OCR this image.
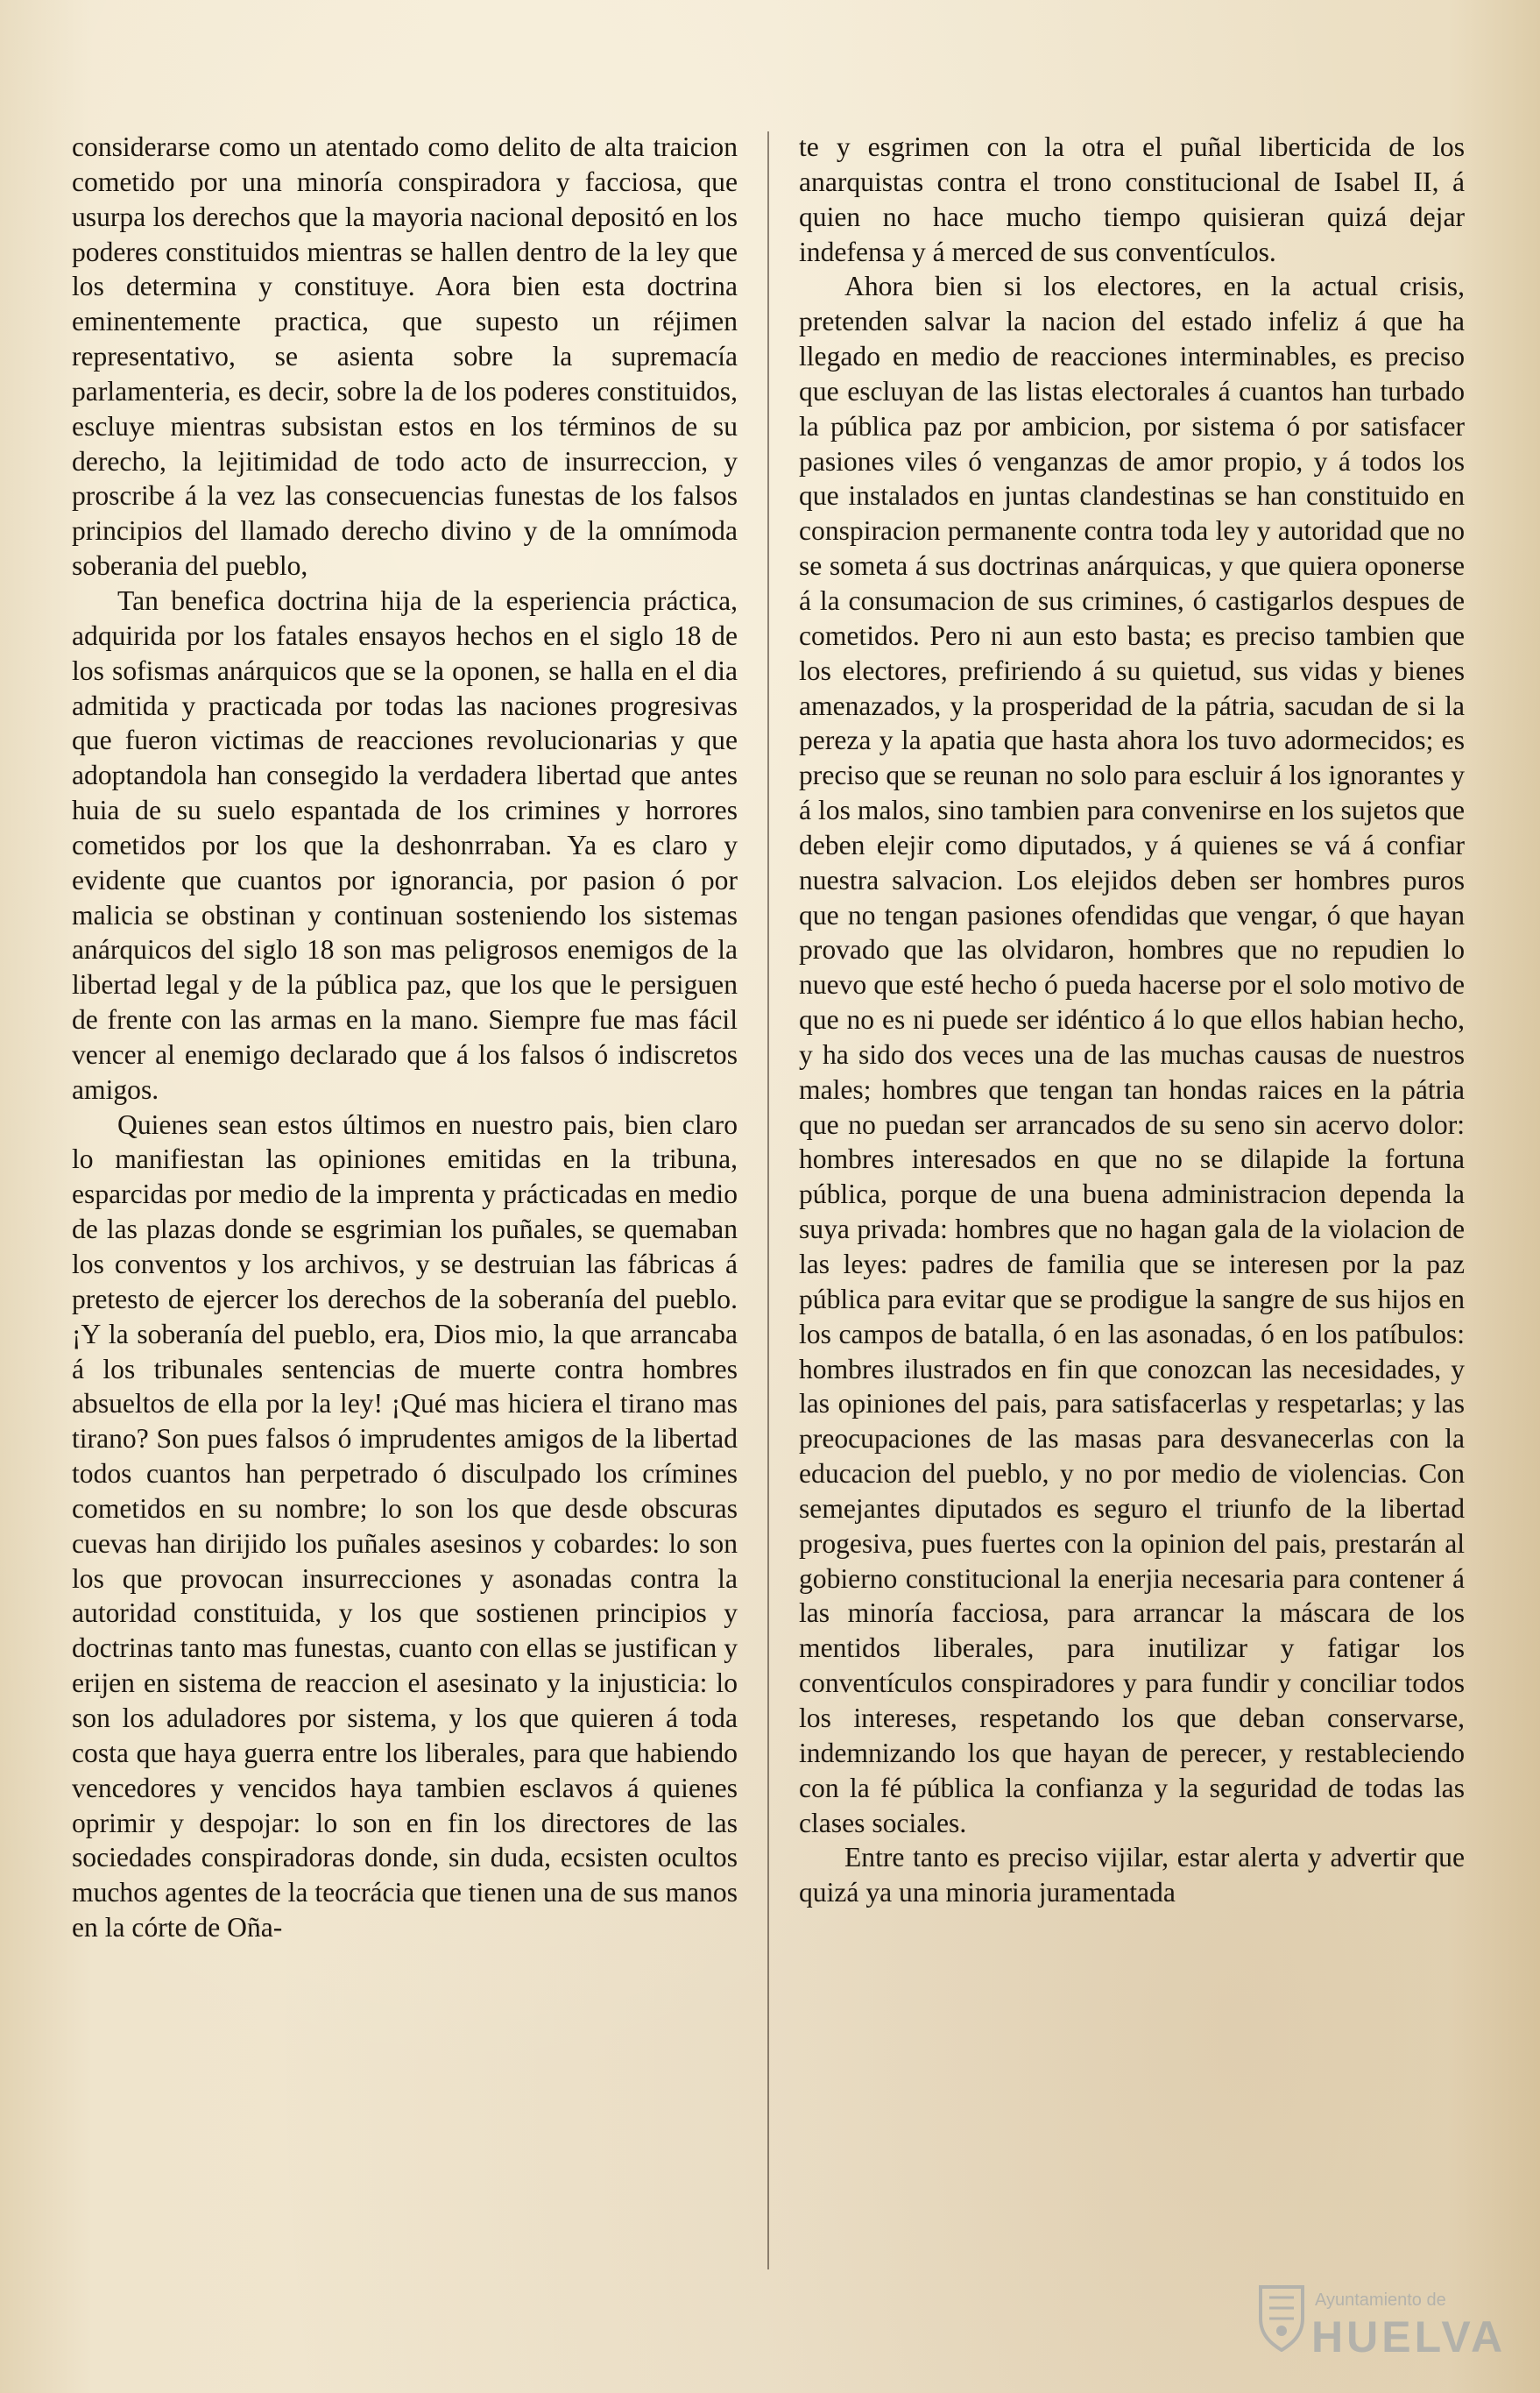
considerarse como un atentado como delito de alta traicion cometido por una minoría conspiradora y facciosa, que usurpa los derechos que la mayoria nacional depositó en los poderes constituidos mientras se hallen dentro de la ley que los determina y constituye. Aora bien esta doctrina eminentemente practica, que supesto un réjimen representativo, se asienta sobre la supremacía parlamenteria, es decir, sobre la de los poderes constituidos, escluye mientras subsistan estos en los términos de su derecho, la lejitimidad de todo acto de insurreccion, y proscribe á la vez las consecuencias funestas de los falsos principios del llamado derecho divino y de la omnímoda soberania del pueblo,

Tan benefica doctrina hija de la esperiencia práctica, adquirida por los fatales ensayos hechos en el siglo 18 de los sofismas anárquicos que se la oponen, se halla en el dia admitida y practicada por todas las naciones progresivas que fueron victimas de reacciones revolucionarias y que adoptandola han consegido la verdadera libertad que antes huia de su suelo espantada de los crimines y horrores cometidos por los que la deshonrraban. Ya es claro y evidente que cuantos por ignorancia, por pasion ó por malicia se obstinan y continuan sosteniendo los sistemas anárquicos del siglo 18 son mas peligrosos enemigos de la libertad legal y de la pública paz, que los que le persiguen de frente con las armas en la mano. Siempre fue mas fácil vencer al enemigo declarado que á los falsos ó indiscretos amigos.

Quienes sean estos últimos en nuestro pais, bien claro lo manifiestan las opiniones emitidas en la tribuna, esparcidas por medio de la imprenta y prácticadas en medio de las plazas donde se esgrimian los puñales, se quemaban los conventos y los archivos, y se destruian las fábricas á pretesto de ejercer los derechos de la soberanía del pueblo. ¡Y la soberanía del pueblo, era, Dios mio, la que arrancaba á los tribunales sentencias de muerte contra hombres absueltos de ella por la ley! ¡Qué mas hiciera el tirano mas tirano? Son pues falsos ó imprudentes amigos de la libertad todos cuantos han perpetrado ó disculpado los crímines cometidos en su nombre; lo son los que desde obscuras cuevas han dirijido los puñales asesinos y cobardes: lo son los que provocan insurrecciones y asonadas contra la autoridad constituida, y los que sostienen principios y doctrinas tanto mas funestas, cuanto con ellas se justifican y erijen en sistema de reaccion el asesinato y la injusticia: lo son los aduladores por sistema, y los que quieren á toda costa que haya guerra entre los liberales, para que habiendo vencedores y vencidos haya tambien esclavos á quienes oprimir y despojar: lo son en fin los directores de las sociedades conspiradoras donde, sin duda, ecsisten ocultos muchos agentes de la teocrácia que tienen una de sus manos en la córte de Oña-

te y esgrimen con la otra el puñal liberticida de los anarquistas contra el trono constitucional de Isabel II, á quien no hace mucho tiempo quisieran quizá dejar indefensa y á merced de sus conventículos.

Ahora bien si los electores, en la actual crisis, pretenden salvar la nacion del estado infeliz á que ha llegado en medio de reacciones interminables, es preciso que escluyan de las listas electorales á cuantos han turbado la pública paz por ambicion, por sistema ó por satisfacer pasiones viles ó venganzas de amor propio, y á todos los que instalados en juntas clandestinas se han constituido en conspiracion permanente contra toda ley y autoridad que no se someta á sus doctrinas anárquicas, y que quiera oponerse á la consumacion de sus crimines, ó castigarlos despues de cometidos. Pero ni aun esto basta; es preciso tambien que los electores, prefiriendo á su quietud, sus vidas y bienes amenazados, y la prosperidad de la pátria, sacudan de si la pereza y la apatia que hasta ahora los tuvo adormecidos; es preciso que se reunan no solo para escluir á los ignorantes y á los malos, sino tambien para convenirse en los sujetos que deben elejir como diputados, y á quienes se vá á confiar nuestra salvacion. Los elejidos deben ser hombres puros que no tengan pasiones ofendidas que vengar, ó que hayan provado que las olvidaron, hombres que no repudien lo nuevo que esté hecho ó pueda hacerse por el solo motivo de que no es ni puede ser idéntico á lo que ellos habian hecho, y ha sido dos veces una de las muchas causas de nuestros males; hombres que tengan tan hondas raices en la pátria que no puedan ser arrancados de su seno sin acervo dolor: hombres interesados en que no se dilapide la fortuna pública, porque de una buena administracion dependa la suya privada: hombres que no hagan gala de la violacion de las leyes: padres de familia que se interesen por la paz pública para evitar que se prodigue la sangre de sus hijos en los campos de batalla, ó en las asonadas, ó en los patíbulos: hombres ilustrados en fin que conozcan las necesidades, y las opiniones del pais, para satisfacerlas y respetarlas; y las preocupaciones de las masas para desvanecerlas con la educacion del pueblo, y no por medio de violencias. Con semejantes diputados es seguro el triunfo de la libertad progesiva, pues fuertes con la opinion del pais, prestarán al gobierno constitucional la enerjia necesaria para contener á las minoría facciosa, para arrancar la máscara de los mentidos liberales, para inutilizar y fatigar los conventículos conspiradores y para fundir y conciliar todos los intereses, respetando los que deban conservarse, indemnizando los que hayan de perecer, y restableciendo con la fé pública la confianza y la seguridad de todas las clases sociales.

Entre tanto es preciso vijilar, estar alerta y advertir que quizá ya una minoria juramentada

Ayuntamiento de
HUELVA
